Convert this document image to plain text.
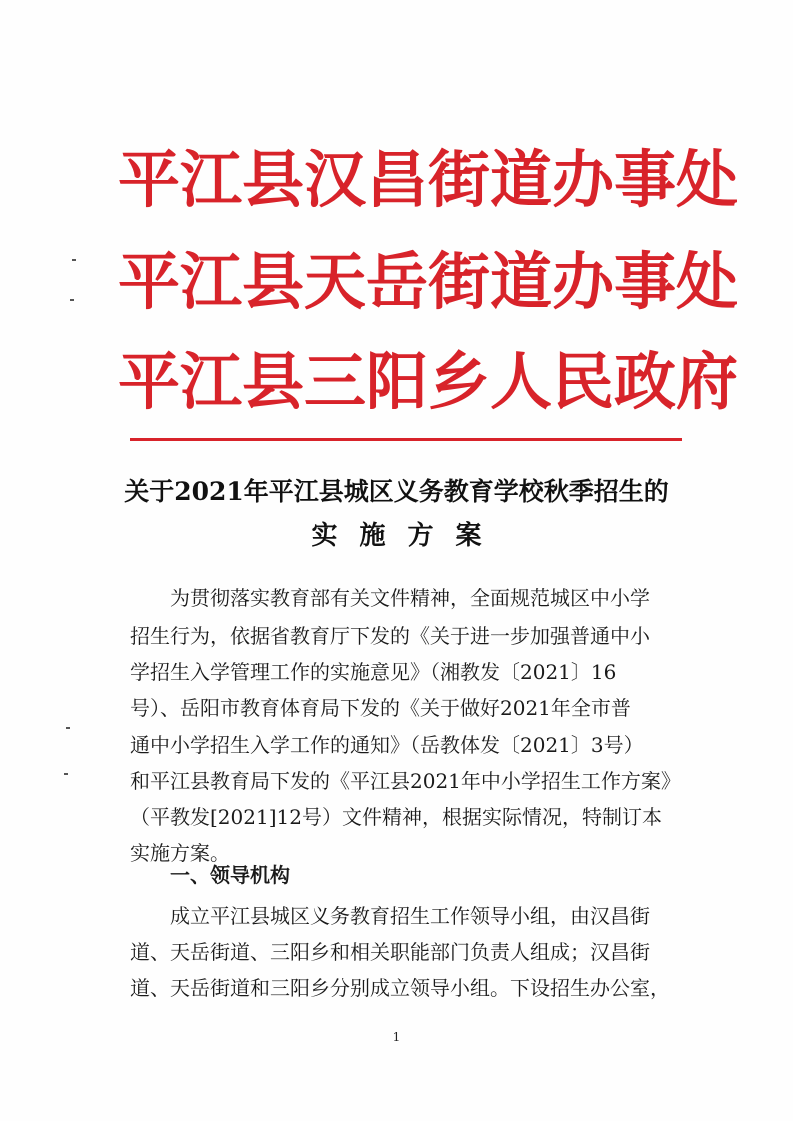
平江县汉昌街道办事处
平江县天岳街道办事处
平江县三阳乡人民政府
关于2021年平江县城区义务教育学校秋季招生的
实施方案
为贯彻落实教育部有关文件精神，全面规范城区中小学
招生行为，依据省教育厅下发的《关于进一步加强普通中小
学招生入学管理工作的实施意见》（湘教发〔2021〕16
号）、岳阳市教育体育局下发的《关于做好2021年全市普
通中小学招生入学工作的通知》（岳教体发〔2021〕3号）
和平江县教育局下发的《平江县2021年中小学招生工作方案》
（平教发[2021]12号）文件精神，根据实际情况，特制订本
实施方案。
一、领导机构
成立平江县城区义务教育招生工作领导小组，由汉昌街
道、天岳街道、三阳乡和相关职能部门负责人组成；汉昌街
道、天岳街道和三阳乡分别成立领导小组。下设招生办公室，
1
